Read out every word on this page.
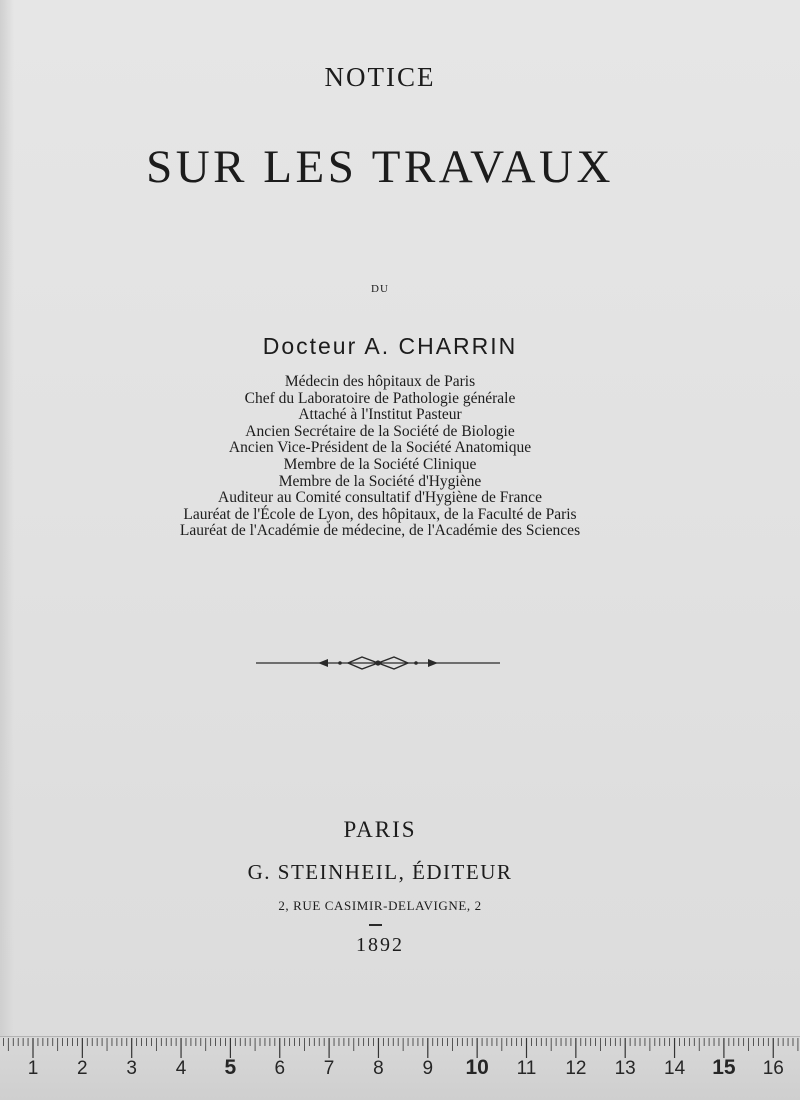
NOTICE
SUR LES TRAVAUX
DU
Docteur A. CHARRIN
Médecin des hôpitaux de Paris
Chef du Laboratoire de Pathologie générale
Attaché à l'Institut Pasteur
Ancien Secrétaire de la Société de Biologie
Ancien Vice-Président de la Société Anatomique
Membre de la Société Clinique
Membre de la Société d'Hygiène
Auditeur au Comité consultatif d'Hygiène de France
Lauréat de l'École de Lyon, des hôpitaux, de la Faculté de Paris
Lauréat de l'Académie de médecine, de l'Académie des Sciences
PARIS
G. STEINHEIL, ÉDITEUR
2, RUE CASIMIR-DELAVIGNE, 2
1892
1 2 3 4 5 6 7 8 9 10 11 12 13 14 15 16
